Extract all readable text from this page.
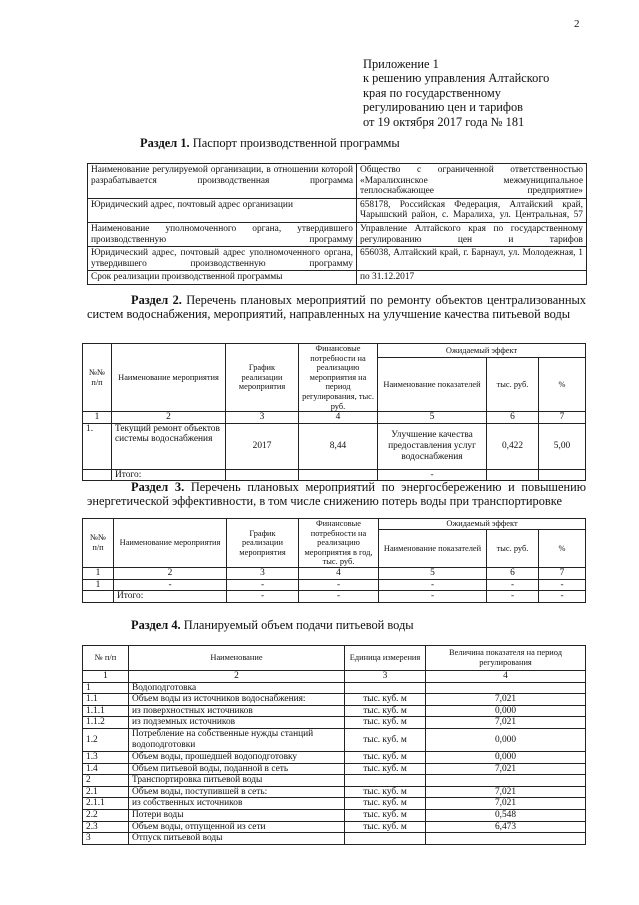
2
Приложение 1
к решению управления Алтайского
края по государственному
регулированию цен и тарифов
от 19 октября 2017 года № 181
Раздел 1. Паспорт производственной программы
Наименование регулируемой организации, в отношении которой разрабатывается производственная программа	Общество с ограниченной ответственностью «Маралихинское межмуниципальное теплоснабжающее предприятие»
Юридический адрес, почтовый адрес организации	658178, Российская Федерация, Алтайский край, Чарышский район, с. Маралиха, ул. Центральная, 57
Наименование уполномоченного органа, утвердившего производственную программу	Управление Алтайского края по государственному регулированию цен и тарифов
Юридический адрес, почтовый адрес уполномоченного органа, утвердившего производственную программу	656038, Алтайский край, г. Барнаул, ул. Молодежная, 1
Срок реализации производственной программы	по 31.12.2017
Раздел 2. Перечень плановых мероприятий по ремонту объектов централизованных систем водоснабжения, мероприятий, направленных на улучшение качества питьевой воды
№№ п/п	Наименование мероприятия	График реализации мероприятия	Финансовые потребности на реализацию мероприятия на период регулирования, тыс. руб.	Ожидаемый эффект		
				Наименование показателей	тыс. руб.	%
1	2	3	4	5	6	7
1.	Текущий ремонт объектов системы водоснабжения	2017	8,44	Улучшение качества предоставления услуг водоснабжения	0,422	5,00
	Итого:			-		
Раздел 3. Перечень плановых мероприятий по энергосбережению и повышению энергетической эффективности, в том числе снижению потерь воды при транспортировке
№№ п/п	Наименование мероприятия	График реализации мероприятия	Финансовые потребности на реализацию мероприятия в год, тыс. руб.	Ожидаемый эффект		
				Наименование показателей	тыс. руб.	%
1	2	3	4	5	6	7
1	-	-	-	-	-	-
	Итого:	-	-	-	-	-
Раздел 4. Планируемый объем подачи питьевой воды
№ п/п	Наименование	Единица измерения	Величина показателя на период регулирования
1	2	3	4
1	Водоподготовка		
1.1	Объем воды из источников водоснабжения:	тыс. куб. м	7,021
1.1.1	из поверхностных источников	тыс. куб. м	0,000
1.1.2	из подземных источников	тыс. куб. м	7,021
1.2	Потребление на собственные нужды станций водоподготовки	тыс. куб. м	0,000
1.3	Объем воды, прошедшей водоподготовку	тыс. куб. м	0,000
1.4	Объем питьевой воды, поданной в сеть	тыс. куб. м	7,021
2	Транспортировка питьевой воды		
2.1	Объем воды, поступившей в сеть:	тыс. куб. м	7,021
2.1.1	из собственных источников	тыс. куб. м	7,021
2.2	Потери воды	тыс. куб. м	0,548
2.3	Объем воды, отпущенной из сети	тыс. куб. м	6,473
3	Отпуск питьевой воды		
